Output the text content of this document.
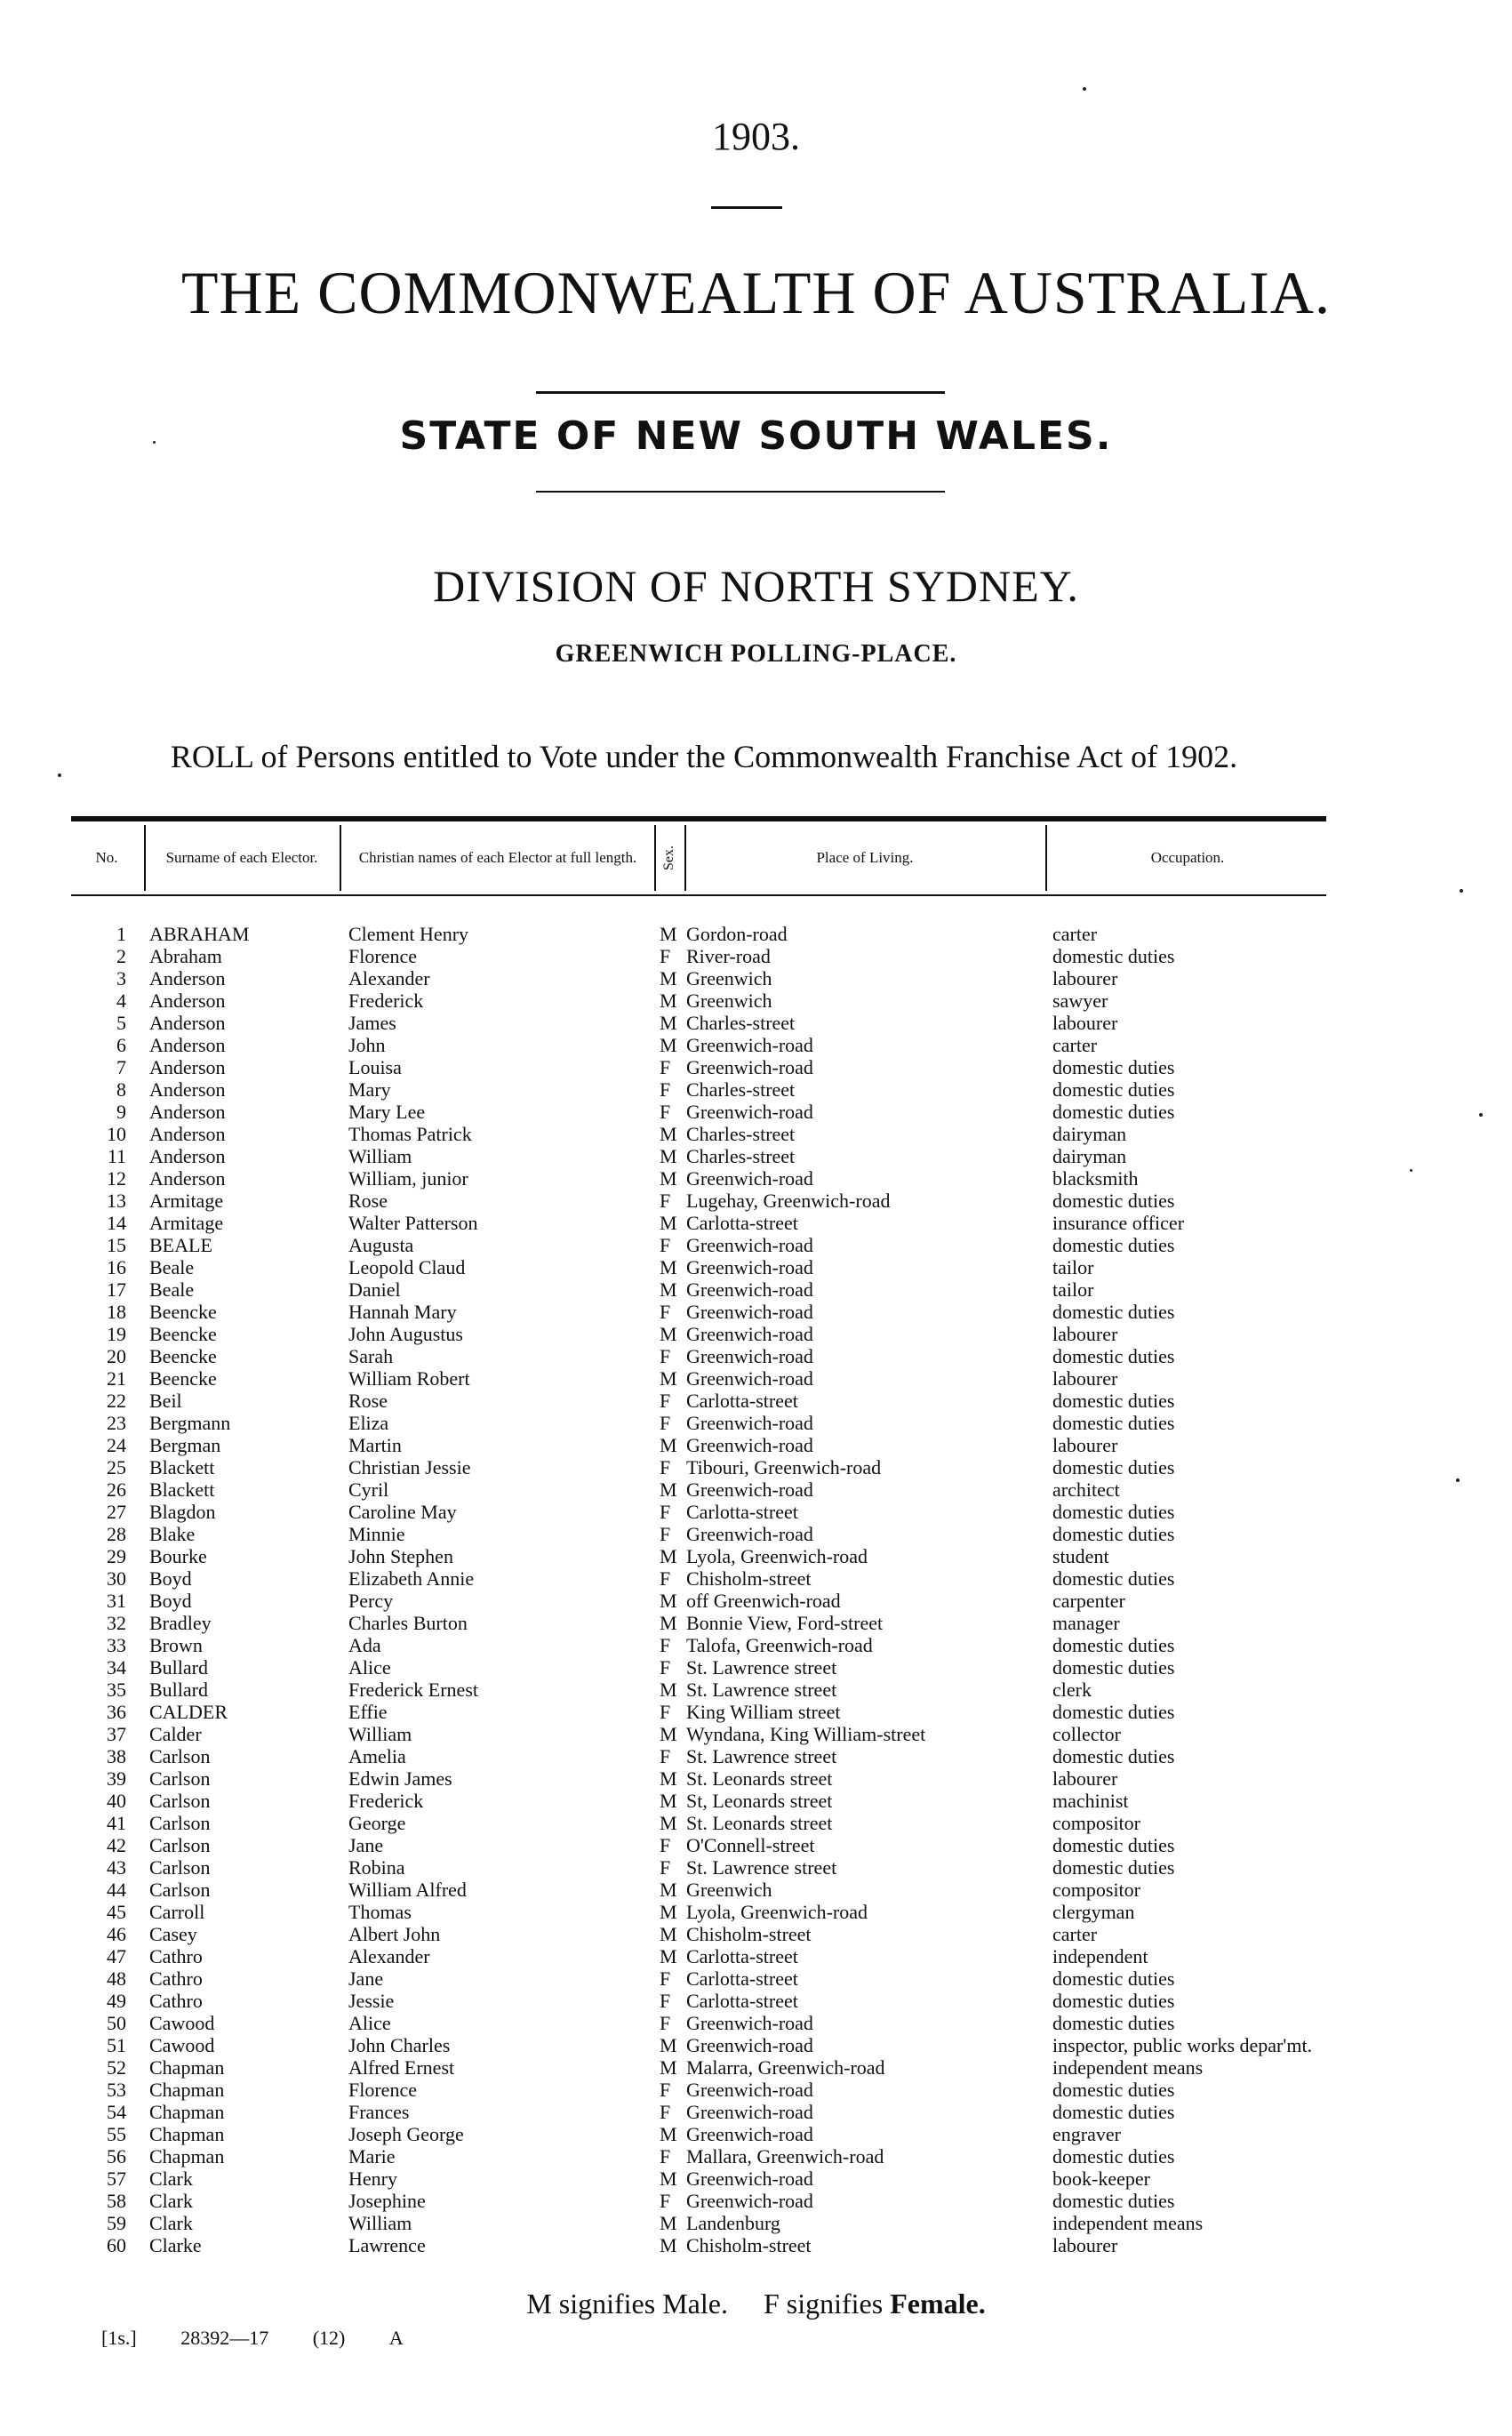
1903.
THE COMMONWEALTH OF AUSTRALIA.
STATE OF NEW SOUTH WALES.
DIVISION OF NORTH SYDNEY.
GREENWICH POLLING-PLACE.
ROLL of Persons entitled to Vote under the Commonwealth Franchise Act of 1902.
No.	Surname of each Elector.	Christian names of each Elector at full length.	Sex.	Place of Living.	Occupation.
1 ABRAHAM	Clement Henry	M Gordon-road	carter
2 Abraham	Florence	F River-road	domestic duties
3 Anderson	Alexander	M Greenwich	labourer
4 Anderson	Frederick	M Greenwich	sawyer
5 Anderson	James	M Charles-street	labourer
6 Anderson	John	M Greenwich-road	carter
7 Anderson	Louisa	F Greenwich-road	domestic duties
8 Anderson	Mary	F Charles-street	domestic duties
9 Anderson	Mary Lee	F Greenwich-road	domestic duties
10 Anderson	Thomas Patrick	M Charles-street	dairyman
11 Anderson	William	M Charles-street	dairyman
12 Anderson	William, junior	M Greenwich-road	blacksmith
13 Armitage	Rose	F Lugehay, Greenwich-road	domestic duties
14 Armitage	Walter Patterson	M Carlotta-street	insurance officer
15 BEALE	Augusta	F Greenwich-road	domestic duties
16 Beale	Leopold Claud	M Greenwich-road	tailor
17 Beale	Daniel	M Greenwich-road	tailor
18 Beencke	Hannah Mary	F Greenwich-road	domestic duties
19 Beencke	John Augustus	M Greenwich-road	labourer
20 Beencke	Sarah	F Greenwich-road	domestic duties
21 Beencke	William Robert	M Greenwich-road	labourer
22 Beil	Rose	F Carlotta-street	domestic duties
23 Bergmann	Eliza	F Greenwich-road	domestic duties
24 Bergman	Martin	M Greenwich-road	labourer
25 Blackett	Christian Jessie	F Tibouri, Greenwich-road	domestic duties
26 Blackett	Cyril	M Greenwich-road	architect
27 Blagdon	Caroline May	F Carlotta-street	domestic duties
28 Blake	Minnie	F Greenwich-road	domestic duties
29 Bourke	John Stephen	M Lyola, Greenwich-road	student
30 Boyd	Elizabeth Annie	F Chisholm-street	domestic duties
31 Boyd	Percy	M off Greenwich-road	carpenter
32 Bradley	Charles Burton	M Bonnie View, Ford-street	manager
33 Brown	Ada	F Talofa, Greenwich-road	domestic duties
34 Bullard	Alice	F St. Lawrence street	domestic duties
35 Bullard	Frederick Ernest	M St. Lawrence street	clerk
36 CALDER	Effie	F King William street	domestic duties
37 Calder	William	M Wyndana, King William-street	collector
38 Carlson	Amelia	F St. Lawrence street	domestic duties
39 Carlson	Edwin James	M St. Leonards street	labourer
40 Carlson	Frederick	M St, Leonards street	machinist
41 Carlson	George	M St. Leonards street	compositor
42 Carlson	Jane	F O'Connell-street	domestic duties
43 Carlson	Robina	F St. Lawrence street	domestic duties
44 Carlson	William Alfred	M Greenwich	compositor
45 Carroll	Thomas	M Lyola, Greenwich-road	clergyman
46 Casey	Albert John	M Chisholm-street	carter
47 Cathro	Alexander	M Carlotta-street	independent
48 Cathro	Jane	F Carlotta-street	domestic duties
49 Cathro	Jessie	F Carlotta-street	domestic duties
50 Cawood	Alice	F Greenwich-road	domestic duties
51 Cawood	John Charles	M Greenwich-road	inspector, public works depar'mt.
52 Chapman	Alfred Ernest	M Malarra, Greenwich-road	independent means
53 Chapman	Florence	F Greenwich-road	domestic duties
54 Chapman	Frances	F Greenwich-road	domestic duties
55 Chapman	Joseph George	M Greenwich-road	engraver
56 Chapman	Marie	F Mallara, Greenwich-road	domestic duties
57 Clark	Henry	M Greenwich-road	book-keeper
58 Clark	Josephine	F Greenwich-road	domestic duties
59 Clark	William	M Landenburg	independent means
60 Clarke	Lawrence	M Chisholm-street	labourer
M signifies Male. F signifies Female.
[1s.] 28392—17 (12) A
